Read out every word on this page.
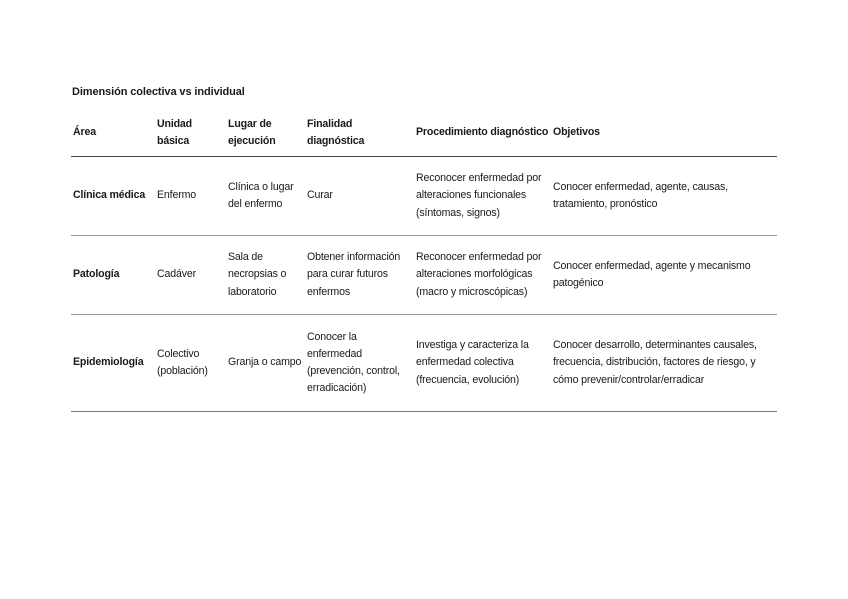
Dimensión colectiva vs individual
Área	Unidad básica	Lugar de ejecución	Finalidad diagnóstica	Procedimiento diagnóstico	Objetivos
Clínica médica	Enfermo	Clínica o lugar del enfermo	Curar	Reconocer enfermedad por alteraciones funcionales (síntomas, signos)	Conocer enfermedad, agente, causas, tratamiento, pronóstico
Patología	Cadáver	Sala de necropsias o laboratorio	Obtener información para curar futuros enfermos	Reconocer enfermedad por alteraciones morfológicas (macro y microscópicas)	Conocer enfermedad, agente y mecanismo patogénico
Epidemiología	Colectivo (población)	Granja o campo	Conocer la enfermedad (prevención, control, erradicación)	Investiga y caracteriza la enfermedad colectiva (frecuencia, evolución)	Conocer desarrollo, determinantes causales, frecuencia, distribución, factores de riesgo, y cómo prevenir/controlar/erradicar
